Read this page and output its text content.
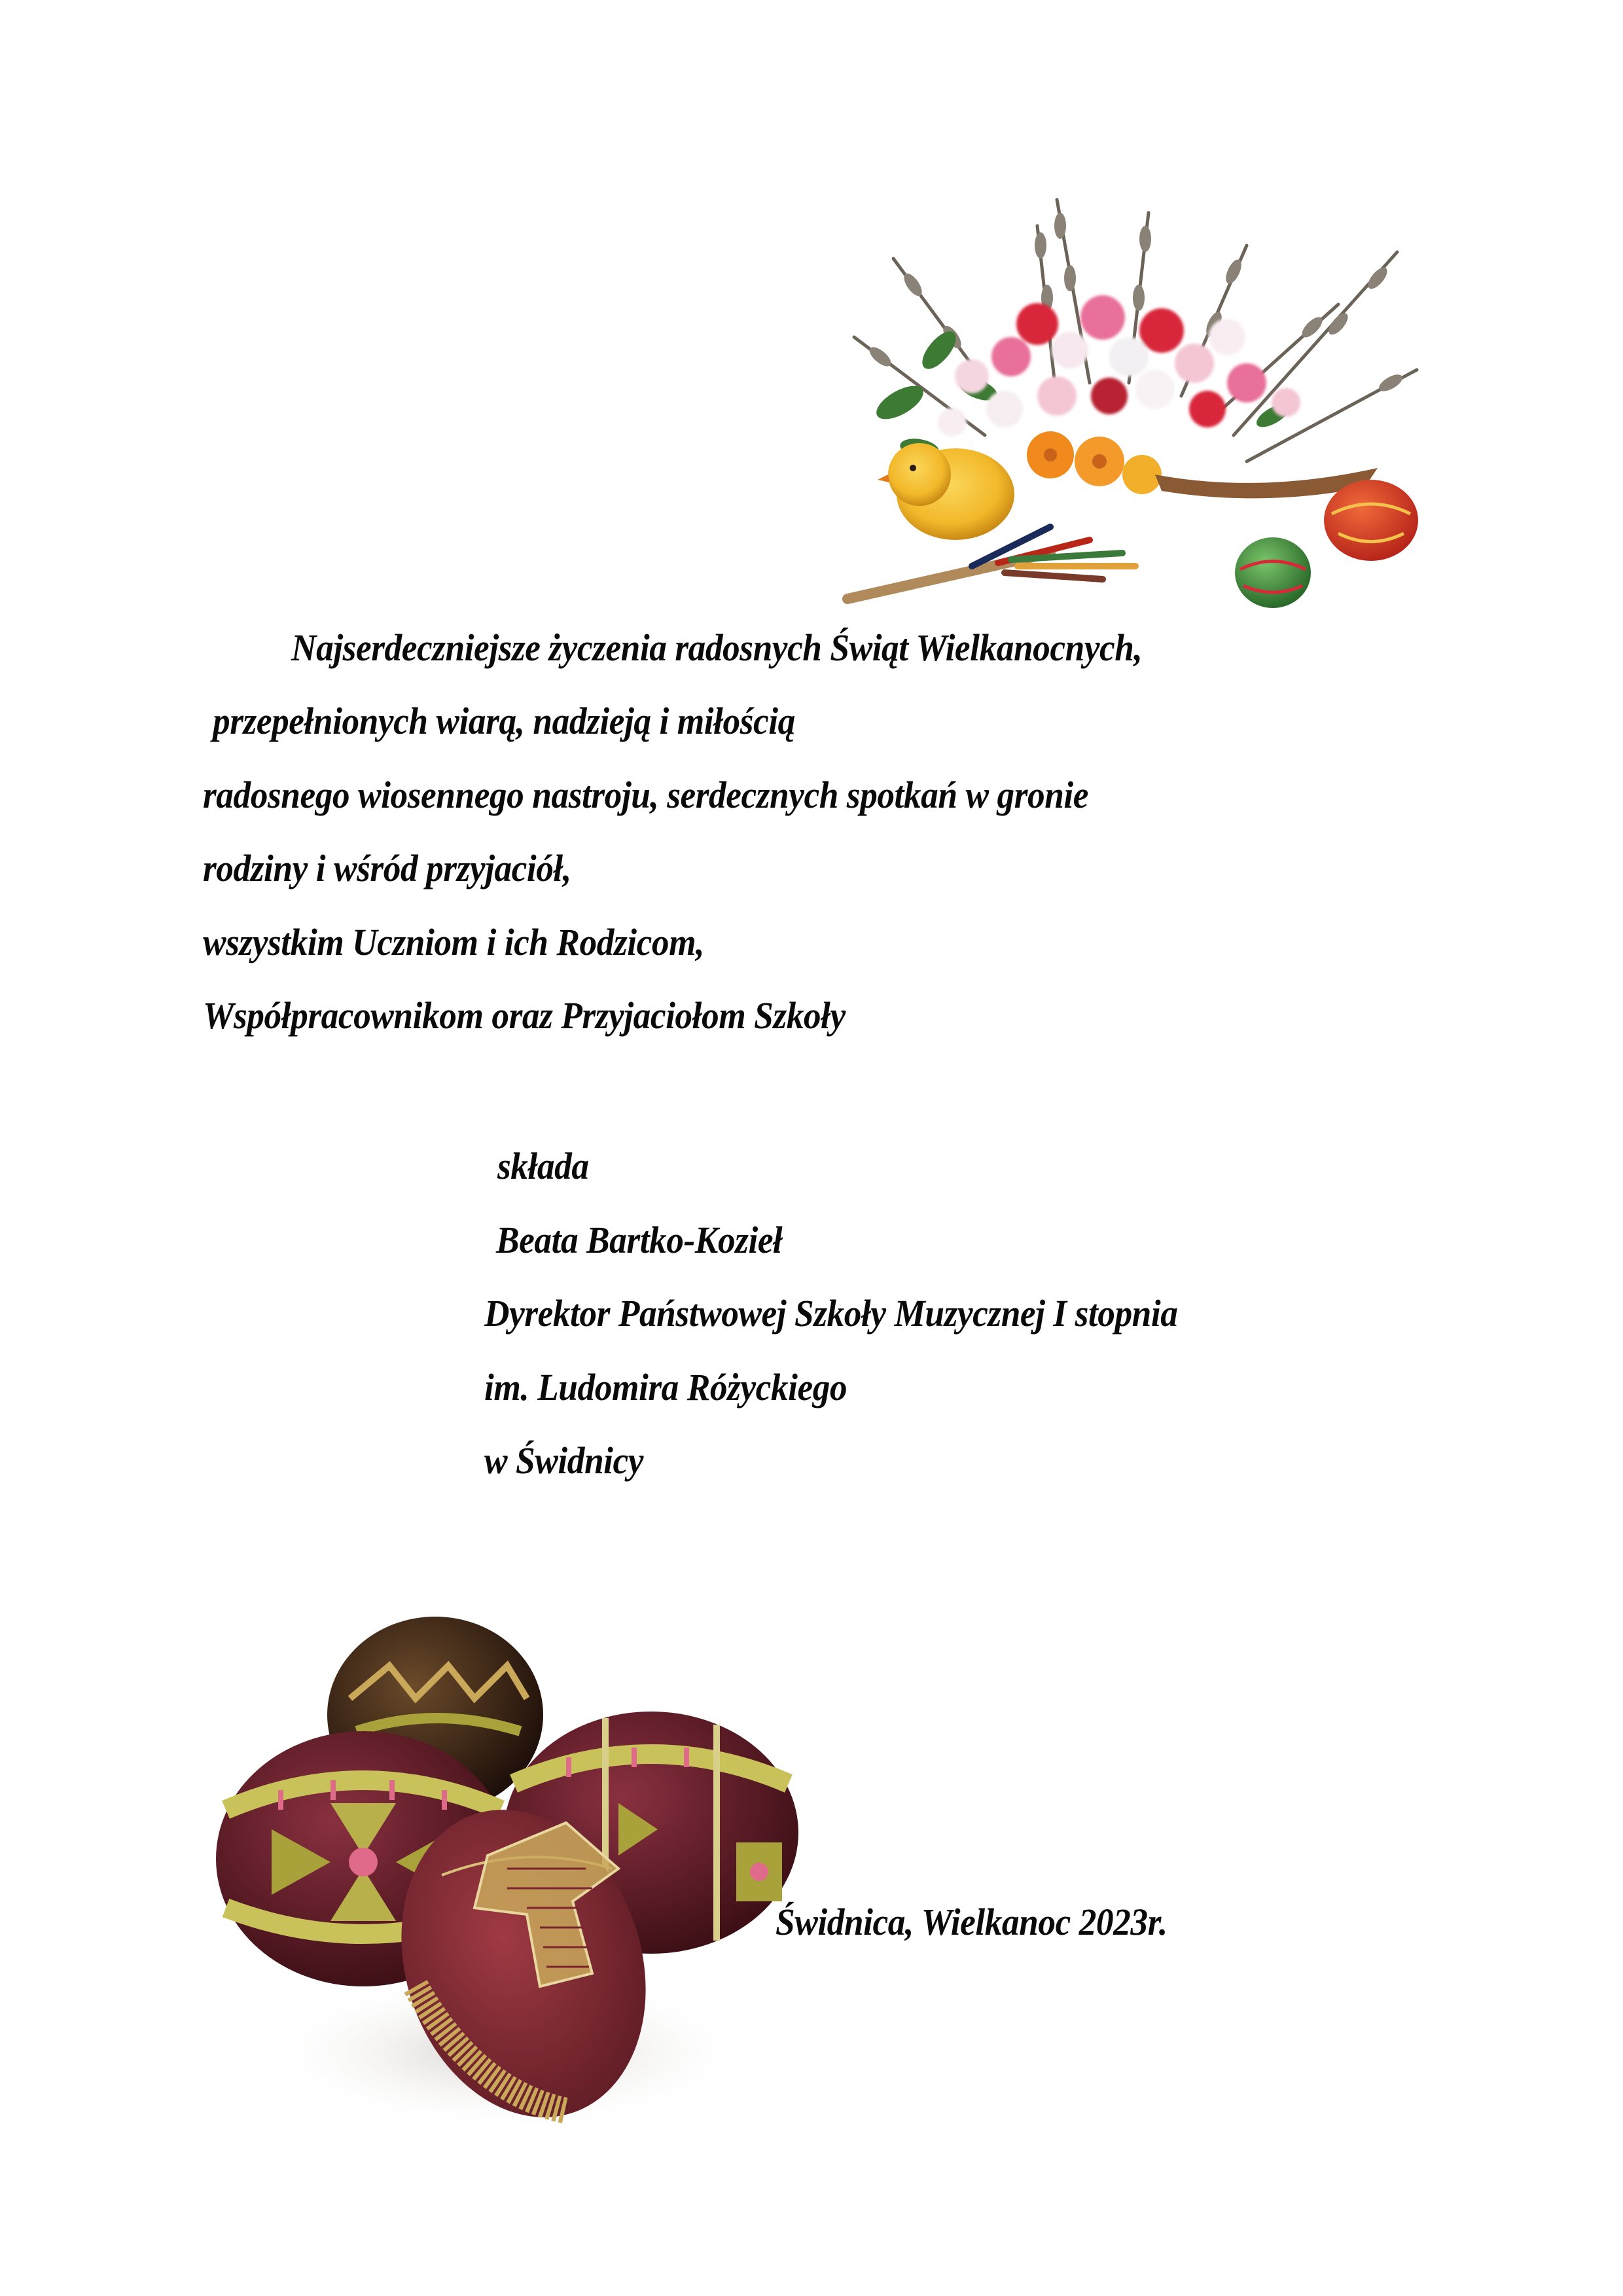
Najserdeczniejsze życzenia radosnych Świąt Wielkanocnych,
przepełnionych wiarą, nadzieją i miłością
radosnego wiosennego nastroju, serdecznych spotkań w gronie
rodziny i wśród przyjaciół,
wszystkim Uczniom i ich Rodzicom,
Współpracownikom oraz Przyjaciołom Szkoły
składa
Beata Bartko-Kozieł
Dyrektor Państwowej Szkoły Muzycznej I stopnia
im. Ludomira Różyckiego
w Świdnicy
Świdnica, Wielkanoc 2023r.
